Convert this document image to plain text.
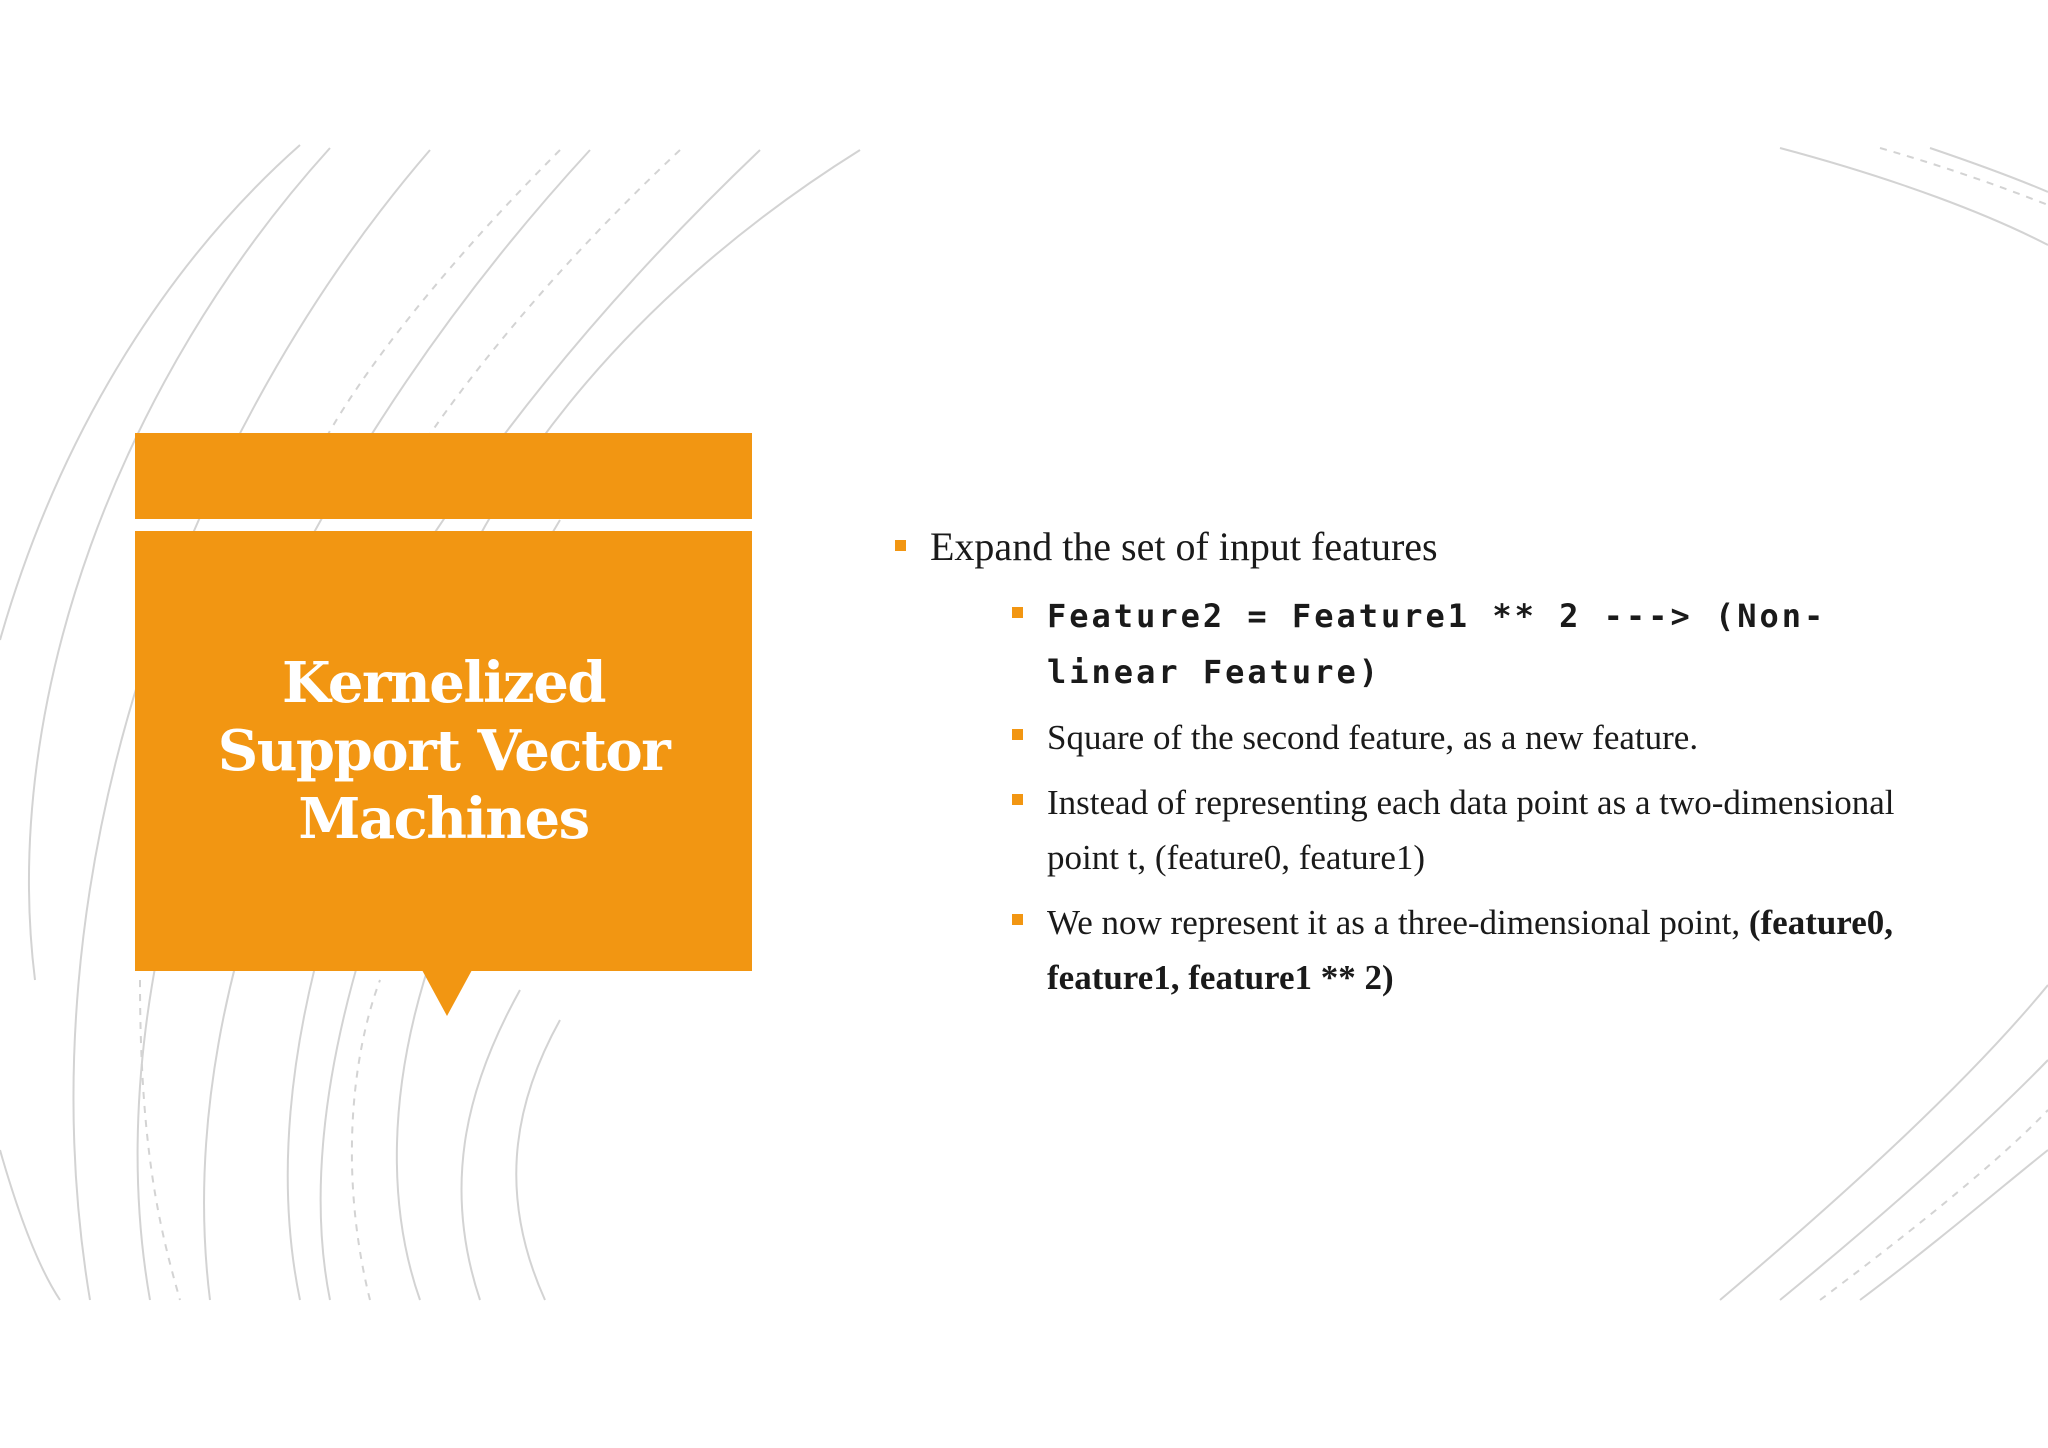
Kernelized
Support Vector
Machines
Expand the set of input features
Feature2 = Feature1 ** 2 ---> (Non-linear Feature)
Square of the second feature, as a new feature.
Instead of representing each data point as a two-dimensional point t, (feature0, feature1)
We now represent it as a three-dimensional point, (feature0, feature1, feature1 ** 2)
